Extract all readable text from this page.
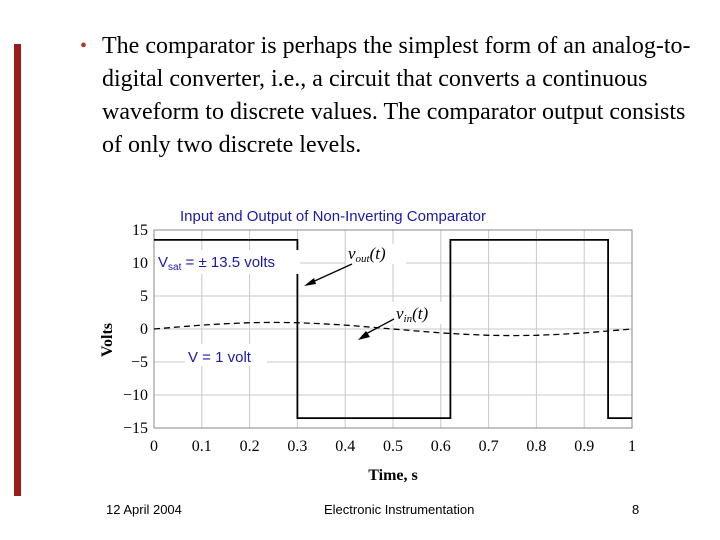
• The comparator is perhaps the simplest form of an analog-to-digital converter, i.e., a circuit that converts a continuous waveform to discrete values. The comparator output consists of only two discrete levels.
Input and Output of Non-Inverting Comparator
0 0.1 0.2 0.3 0.4 0.5 0.6 0.7 0.8 0.9 1
15
10
5
0
−5
−10
−15
Volts
Time, s
vout(t)
vin(t)
$V_{sat}$ = ± 13.5 volts
V = 1 volt
12 April 2004	Electronic Instrumentation	8
